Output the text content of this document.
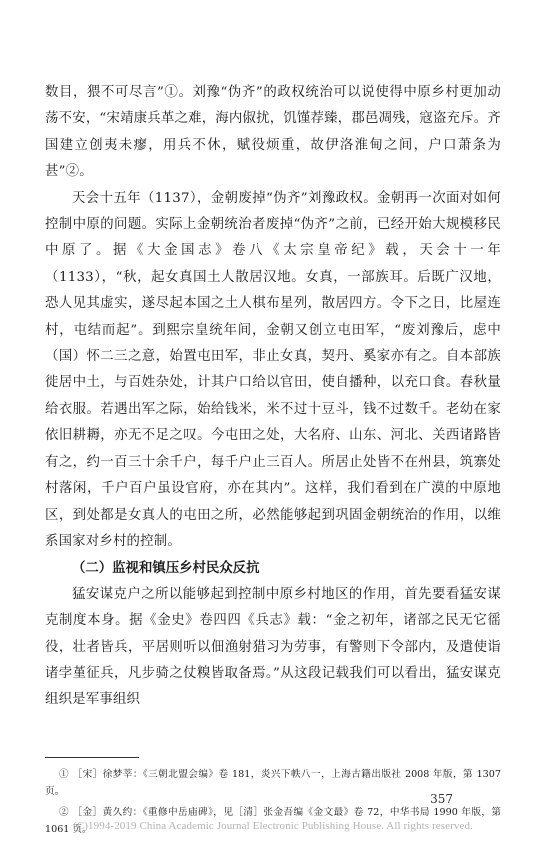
数目，猥不可尽言”①。刘豫“伪齐”的政权统治可以说使得中原乡村更加动荡不安，“宋靖康兵革之难，海内俶扰，饥馑荐臻，郡邑凋残，寇盗充斥。齐国建立创夷未瘳，用兵不休，赋役烦重，故伊洛淮甸之间，户口萧条为甚”②。

天会十五年（1137），金朝废掉“伪齐”刘豫政权。金朝再一次面对如何控制中原的问题。实际上金朝统治者废掉“伪齐”之前，已经开始大规模移民中原了。据《大金国志》卷八《太宗皇帝纪》载，天会十一年（1133），“秋，起女真国土人散居汉地。女真，一部族耳。后既广汉地，恐人见其虚实，遂尽起本国之土人棋布星列，散居四方。令下之日，比屋连村，屯结而起”。到熙宗皇统年间，金朝又创立屯田军，“废刘豫后，虑中（国）怀二三之意，始置屯田军，非止女真，契丹、奚家亦有之。自本部族徙居中土，与百姓杂处，计其户口给以官田，使自播种，以充口食。春秋量给衣服。若遇出军之际，始给钱米，米不过十豆斗，钱不过数千。老幼在家依旧耕耨，亦无不足之叹。今屯田之处，大名府、山东、河北、关西诸路皆有之，约一百三十余千户，每千户止三百人。所居止处皆不在州县，筑寨处村落闲，千户百户虽设官府，亦在其内”。这样，我们看到在广漠的中原地区，到处都是女真人的屯田之所，必然能够起到巩固金朝统治的作用，以维系国家对乡村的控制。

（二）监视和镇压乡村民众反抗

猛安谋克户之所以能够起到控制中原乡村地区的作用，首先要看猛安谋克制度本身。据《金史》卷四四《兵志》载：“金之初年，诸部之民无它徭役，壮者皆兵，平居则听以佃渔射猎习为劳事，有警则下令部内，及遣使诣诸孛堇征兵，凡步骑之仗糗皆取备焉。”从这段记载我们可以看出，猛安谋克组织是军事组织

① ［宋］徐梦莘：《三朝北盟会编》卷 181，炎兴下帙八一，上海古籍出版社 2008 年版，第 1307 页。

② ［金］黄久约：《重修中岳庙碑》，见［清］张金吾编《金文最》卷 72，中华书局 1990 年版，第 1061 页。

357
(C)1994-2019 China Academic Journal Electronic Publishing House. All rights reserved.
